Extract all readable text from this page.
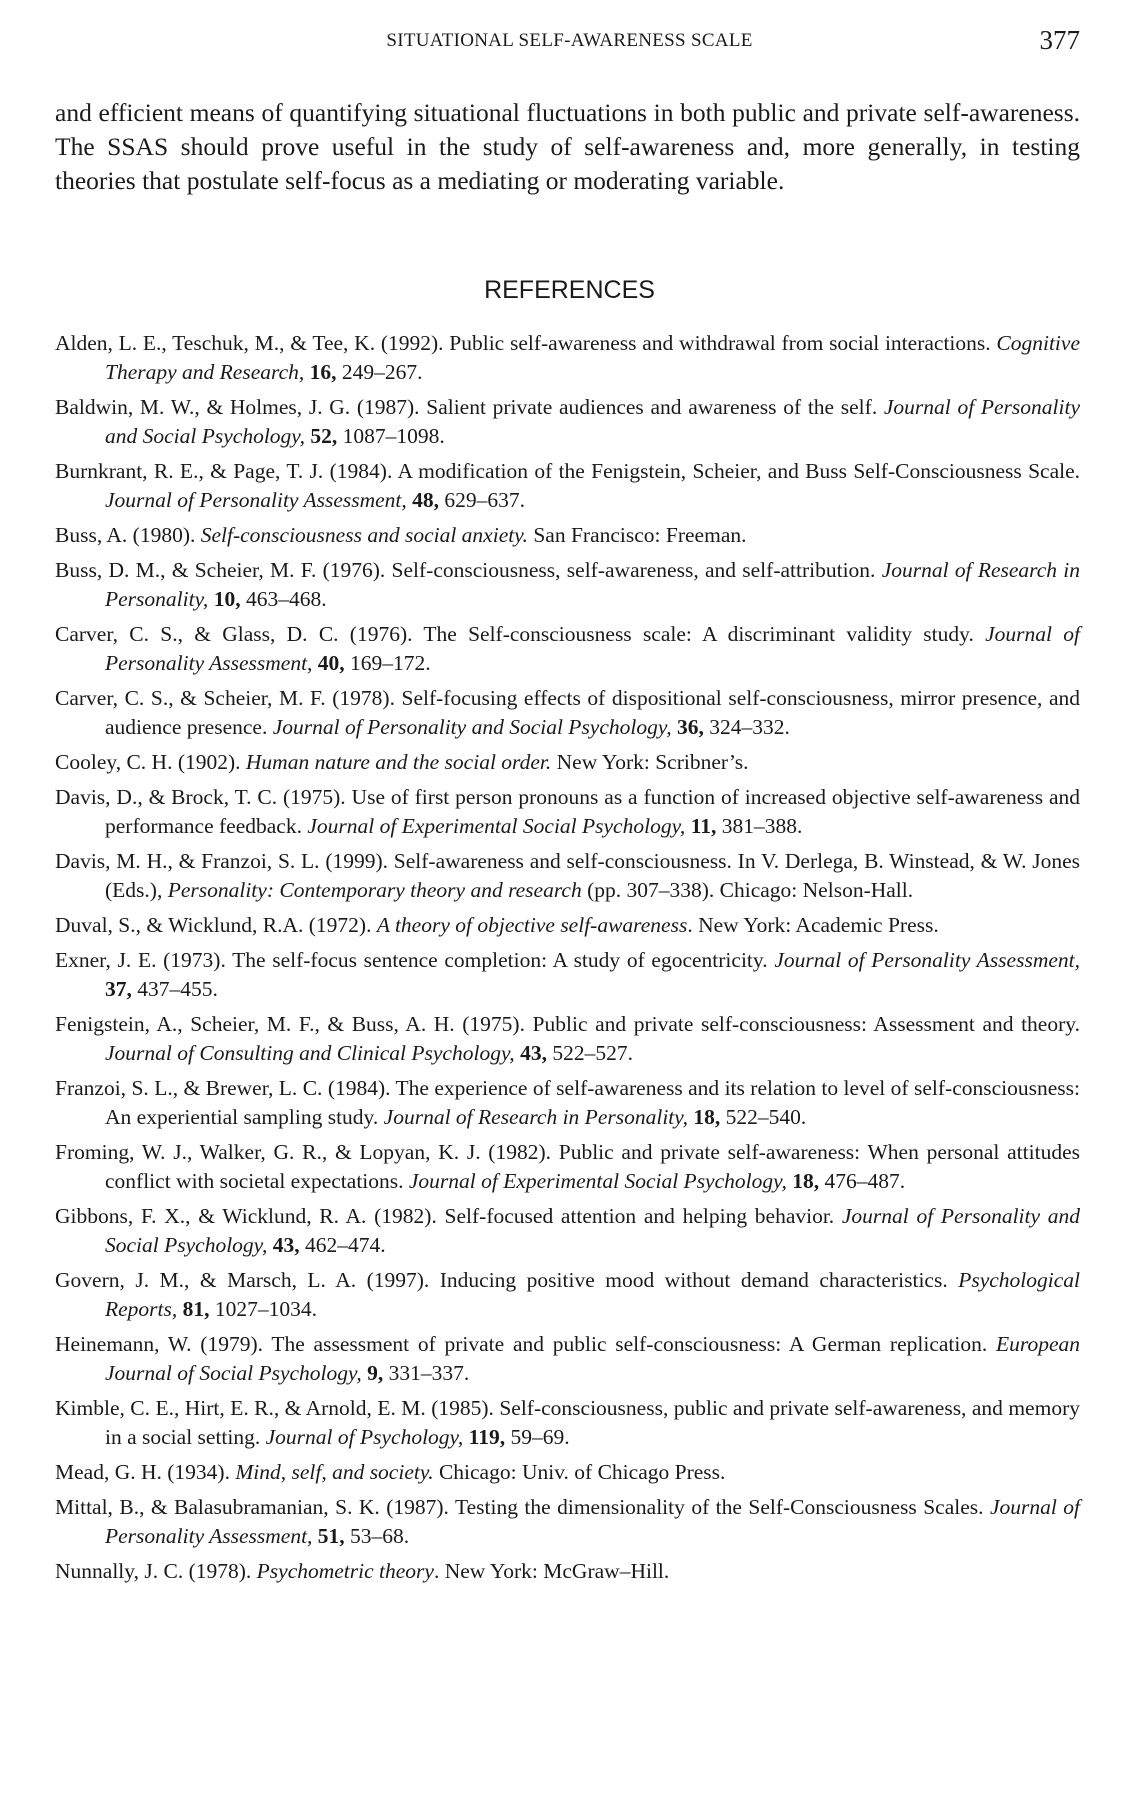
SITUATIONAL SELF-AWARENESS SCALE	377

and efficient means of quantifying situational fluctuations in both public and private self-awareness. The SSAS should prove useful in the study of self-awareness and, more generally, in testing theories that postulate self-focus as a mediating or moderating variable.

REFERENCES

Alden, L. E., Teschuk, M., & Tee, K. (1992). Public self-awareness and withdrawal from social interactions. Cognitive Therapy and Research, 16, 249–267.

Baldwin, M. W., & Holmes, J. G. (1987). Salient private audiences and awareness of the self. Journal of Personality and Social Psychology, 52, 1087–1098.

Burnkrant, R. E., & Page, T. J. (1984). A modification of the Fenigstein, Scheier, and Buss Self-Consciousness Scale. Journal of Personality Assessment, 48, 629–637.

Buss, A. (1980). Self-consciousness and social anxiety. San Francisco: Freeman.

Buss, D. M., & Scheier, M. F. (1976). Self-consciousness, self-awareness, and self-attribution. Journal of Research in Personality, 10, 463–468.

Carver, C. S., & Glass, D. C. (1976). The Self-consciousness scale: A discriminant validity study. Journal of Personality Assessment, 40, 169–172.

Carver, C. S., & Scheier, M. F. (1978). Self-focusing effects of dispositional self-consciousness, mirror presence, and audience presence. Journal of Personality and Social Psychology, 36, 324–332.

Cooley, C. H. (1902). Human nature and the social order. New York: Scribner’s.

Davis, D., & Brock, T. C. (1975). Use of first person pronouns as a function of increased objective self-awareness and performance feedback. Journal of Experimental Social Psychology, 11, 381–388.

Davis, M. H., & Franzoi, S. L. (1999). Self-awareness and self-consciousness. In V. Derlega, B. Winstead, & W. Jones (Eds.), Personality: Contemporary theory and research (pp. 307–338). Chicago: Nelson-Hall.

Duval, S., & Wicklund, R.A. (1972). A theory of objective self-awareness. New York: Academic Press.

Exner, J. E. (1973). The self-focus sentence completion: A study of egocentricity. Journal of Personality Assessment, 37, 437–455.

Fenigstein, A., Scheier, M. F., & Buss, A. H. (1975). Public and private self-consciousness: Assessment and theory. Journal of Consulting and Clinical Psychology, 43, 522–527.

Franzoi, S. L., & Brewer, L. C. (1984). The experience of self-awareness and its relation to level of self-consciousness: An experiential sampling study. Journal of Research in Personality, 18, 522–540.

Froming, W. J., Walker, G. R., & Lopyan, K. J. (1982). Public and private self-awareness: When personal attitudes conflict with societal expectations. Journal of Experimental Social Psychology, 18, 476–487.

Gibbons, F. X., & Wicklund, R. A. (1982). Self-focused attention and helping behavior. Journal of Personality and Social Psychology, 43, 462–474.

Govern, J. M., & Marsch, L. A. (1997). Inducing positive mood without demand characteristics. Psychological Reports, 81, 1027–1034.

Heinemann, W. (1979). The assessment of private and public self-consciousness: A German replication. European Journal of Social Psychology, 9, 331–337.

Kimble, C. E., Hirt, E. R., & Arnold, E. M. (1985). Self-consciousness, public and private self-awareness, and memory in a social setting. Journal of Psychology, 119, 59–69.

Mead, G. H. (1934). Mind, self, and society. Chicago: Univ. of Chicago Press.

Mittal, B., & Balasubramanian, S. K. (1987). Testing the dimensionality of the Self-Consciousness Scales. Journal of Personality Assessment, 51, 53–68.

Nunnally, J. C. (1978). Psychometric theory. New York: McGraw–Hill.
